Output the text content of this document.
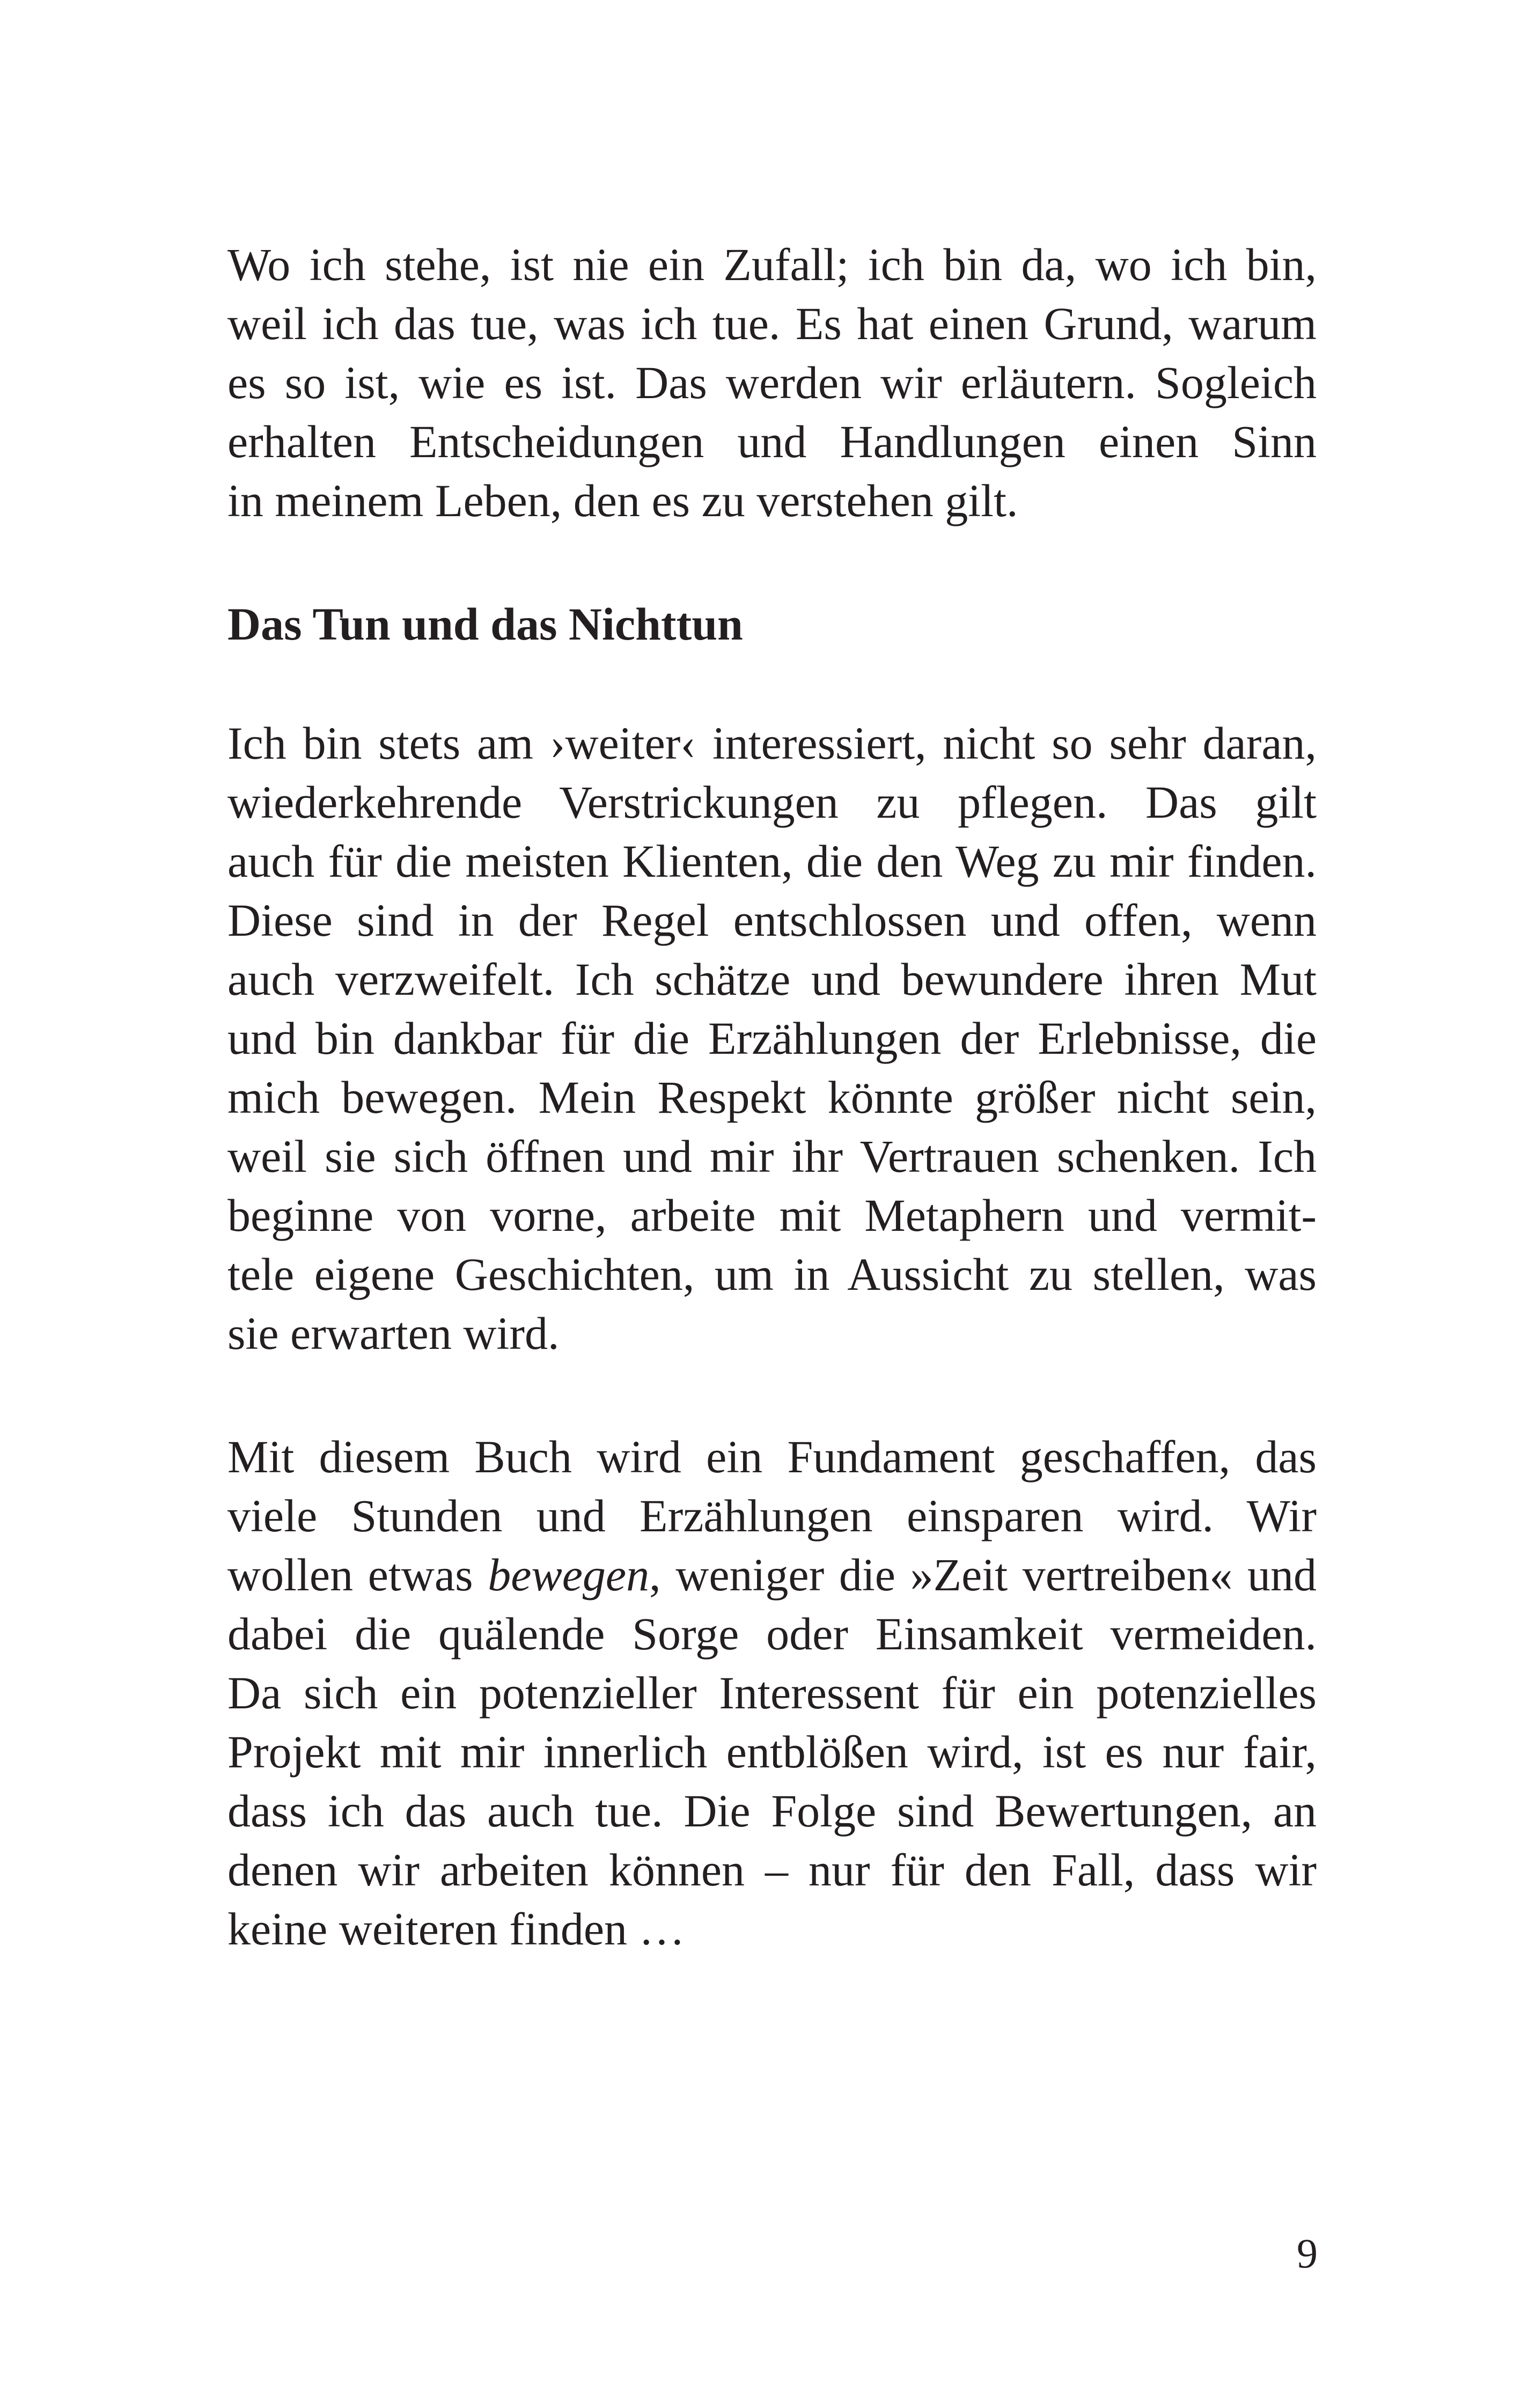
Wo ich stehe, ist nie ein Zufall; ich bin da, wo ich bin,
weil ich das tue, was ich tue. Es hat einen Grund, warum
es so ist, wie es ist. Das werden wir erläutern. Sogleich
erhalten Entscheidungen und Handlungen einen Sinn
in meinem Leben, den es zu verstehen gilt.
Das Tun und das Nichttun
Ich bin stets am ›weiter‹ interessiert, nicht so sehr daran,
wiederkehrende Verstrickungen zu pflegen. Das gilt
auch für die meisten Klienten, die den Weg zu mir finden.
Diese sind in der Regel entschlossen und offen, wenn
auch verzweifelt. Ich schätze und bewundere ihren Mut
und bin dankbar für die Erzählungen der Erlebnisse, die
mich bewegen. Mein Respekt könnte größer nicht sein,
weil sie sich öffnen und mir ihr Vertrauen schenken. Ich
beginne von vorne, arbeite mit Metaphern und vermit-
tele eigene Geschichten, um in Aussicht zu stellen, was
sie erwarten wird.
Mit diesem Buch wird ein Fundament geschaffen, das
viele Stunden und Erzählungen einsparen wird. Wir
wollen etwas bewegen, weniger die »Zeit vertreiben« und
dabei die quälende Sorge oder Einsamkeit vermeiden.
Da sich ein potenzieller Interessent für ein potenzielles
Projekt mit mir innerlich entblößen wird, ist es nur fair,
dass ich das auch tue. Die Folge sind Bewertungen, an
denen wir arbeiten können – nur für den Fall, dass wir
keine weiteren finden …
9
